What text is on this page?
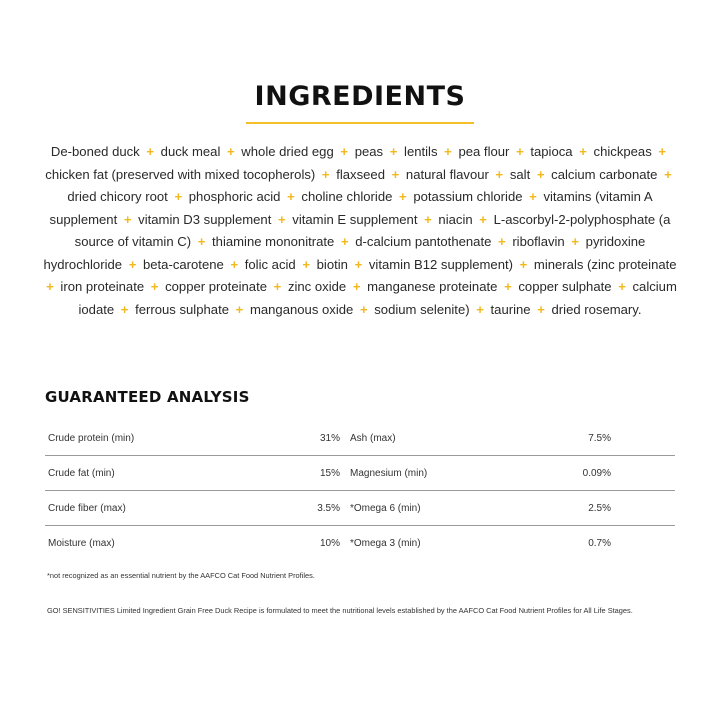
INGREDIENTS

De-boned duck + duck meal + whole dried egg + peas + lentils + pea flour + tapioca + chickpeas + chicken fat (preserved with mixed tocopherols) + flaxseed + natural flavour + salt + calcium carbonate + dried chicory root + phosphoric acid + choline chloride + potassium chloride + vitamins (vitamin A supplement + vitamin D3 supplement + vitamin E supplement + niacin + L-ascorbyl-2-polyphosphate (a source of vitamin C) + thiamine mononitrate + d-calcium pantothenate + riboflavin + pyridoxine hydrochloride + beta-carotene + folic acid + biotin + vitamin B12 supplement) + minerals (zinc proteinate + iron proteinate + copper proteinate + zinc oxide + manganese proteinate + copper sulphate + calcium iodate + ferrous sulphate + manganous oxide + sodium selenite) + taurine + dried rosemary.

GUARANTEED ANALYSIS
Crude protein (min)	31% Ash (max)	7.5%
Crude fat (min)	15% Magnesium (min)	0.09%
Crude fiber (max)	3.5% *Omega 6 (min)	2.5%
Moisture (max)	10% *Omega 3 (min)	0.7%

*not recognized as an essential nutrient by the AAFCO Cat Food Nutrient Profiles.

GO! SENSITIVITIES Limited Ingredient Grain Free Duck Recipe is formulated to meet the nutritional levels established by the AAFCO Cat Food Nutrient Profiles for All Life Stages.
